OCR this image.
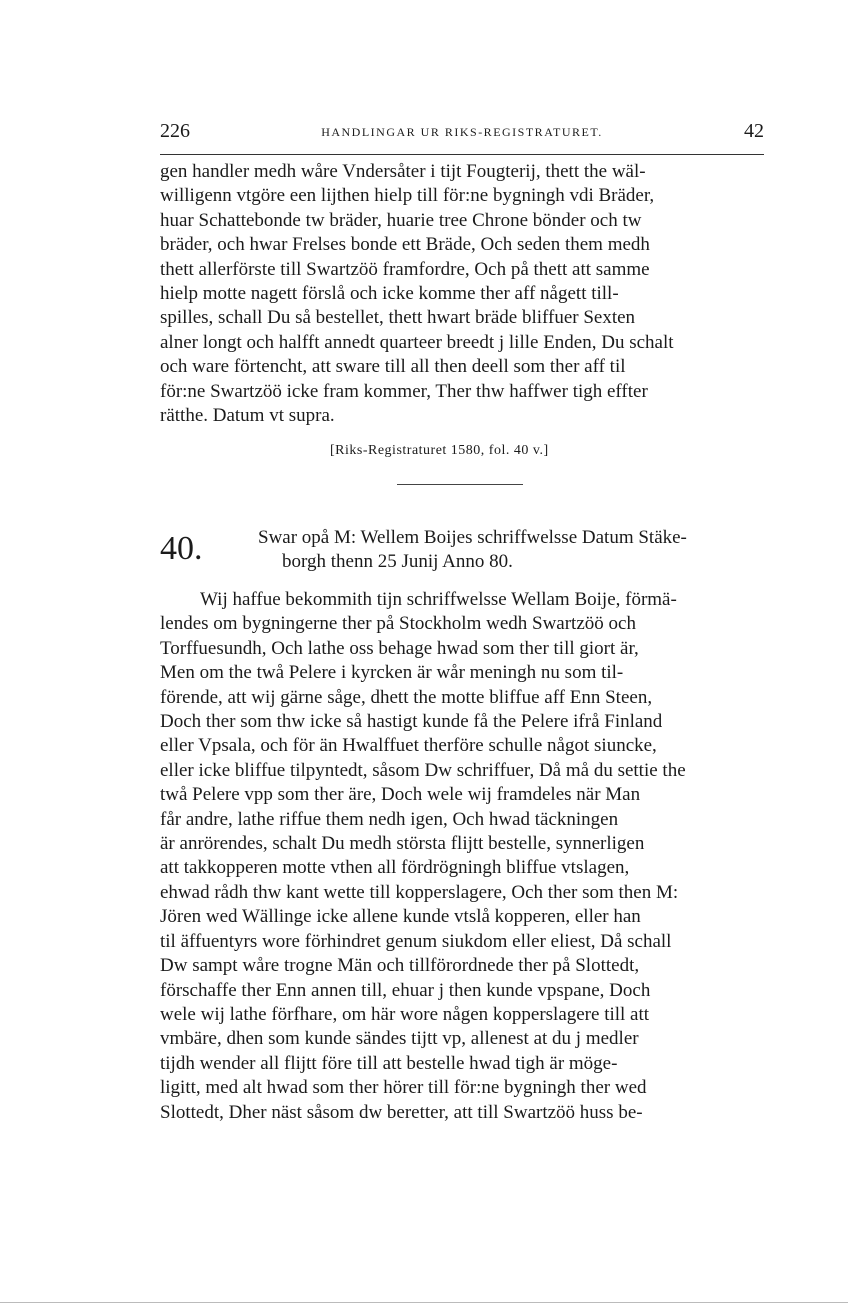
226	HANDLINGAR UR RIKS-REGISTRATURET.	42
gen handler medh wåre Vndersåter i tijt Fougterij, thett the wäl-
willigenn vtgöre een lijthen hielp till för:ne bygningh vdi Bräder,
huar Schattebonde tw bräder, huarie tree Chrone bönder och tw
bräder, och hwar Frelses bonde ett Bräde, Och seden them medh
thett allerförste till Swartzöö framfordre, Och på thett att samme
hielp motte nagett förslå och icke komme ther aff någett till-
spilles, schall Du så bestellet, thett hwart bräde bliffuer Sexten
alner longt och halfft annedt quarteer breedt j lille Enden, Du schalt
och ware förtencht, att sware till all then deell som ther aff til
för:ne Swartzöö icke fram kommer, Ther thw haffwer tigh effter
rätthe. Datum vt supra.
[Riks-Registraturet 1580, fol. 40 v.]
40.	Swar opå M: Wellem Boijes schriffwelsse Datum Stäke-
borgh thenn 25 Junij Anno 80.
Wij haffue bekommith tijn schriffwelsse Wellam Boije, förmä-
lendes om bygningerne ther på Stockholm wedh Swartzöö och
Torffuesundh, Och lathe oss behage hwad som ther till giort är,
Men om the twå Pelere i kyrcken är wår meningh nu som til-
förende, att wij gärne såge, dhett the motte bliffue aff Enn Steen,
Doch ther som thw icke så hastigt kunde få the Pelere ifrå Finland
eller Vpsala, och för än Hwalffuet therföre schulle något siuncke,
eller icke bliffue tilpyntedt, såsom Dw schriffuer, Då må du settie the
twå Pelere vpp som ther äre, Doch wele wij framdeles när Man
får andre, lathe riffue them nedh igen, Och hwad täckningen
är anrörendes, schalt Du medh största flijtt bestelle, synnerligen
att takkopperen motte vthen all fördrögningh bliffue vtslagen,
ehwad rådh thw kant wette till kopperslagere, Och ther som then M:
Jören wed Wällinge icke allene kunde vtslå kopperen, eller han
til äffuentyrs wore förhindret genum siukdom eller eliest, Då schall
Dw sampt wåre trogne Män och tillförordnede ther på Slottedt,
förschaffe ther Enn annen till, ehuar j then kunde vpspane, Doch
wele wij lathe förfhare, om här wore någen kopperslagere till att
vmbäre, dhen som kunde sändes tijtt vp, allenest at du j medler
tijdh wender all flijtt före till att bestelle hwad tigh är möge-
ligitt, med alt hwad som ther hörer till för:ne bygningh ther wed
Slottedt, Dher näst såsom dw beretter, att till Swartzöö huss be-
